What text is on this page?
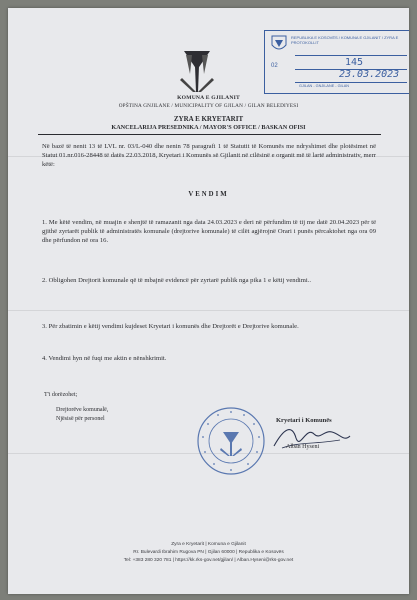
KOMUNA E GJILANIT
OPŠTINA GNJILANE / MUNICIPALITY OF GJILAN / GILAN BELEDIYESI
REPUBLIKA E KOSOVËS / KOMUNA E GJILANIT / ZYRA E PROTOKOLLIT
02	145
23.03.2023
GJILAN - GNJILANE - GILAN
ZYRA E KRYETARIT
KANCELARIJA PRESEDNIKA / MAYOR'S OFFICE / BASKAN OFISI
Në bazë të nenit 13 të LVL nr. 03/L-040 dhe nenin 78 paragrafi 1 të Statutit të Komunës me ndryshimet dhe plotësimet në Statut 01.nr.016-28448 të datës 22.03.2018, Kryetari i Komunës së Gjilanit në cilësinë e organit më të lartë administrativ, merr këtë:
VENDIM
1. Me këtë vendim, në muajin e shenjtë të ramazanit nga data 24.03.2023 e deri në përfundim të tij me datë 20.04.2023 për të gjithë zyrtarët publik të administratës komunale (drejtorive komunale) të cilët agjërojnë Orari i punës përcaktohet nga ora 09 dhe përfundon në ora 16.
2. Obligohen Drejtorit komunale që të mbajnë evidencë për zyrtarë publik nga pika 1 e këtij vendimi..
3. Për zbatimin e këtij vendimi kujdeset Kryetari i komunës dhe Drejtorët e Drejtorive komunale.
4. Vendimi hyn në fuqi me aktin e nënshkrimit.
T'i dorëzohet;
Drejtorëve komunalë,
Njësisë për personel	Kryetari i Komunës
Alban Hyseni
Zyra e Kryetarit | Komuna e Gjilanit
Rr. Bulevardi Ibrahim Rugova PN | Gjilan 60000 | Republika e Kosovës
Tel: +383 280 320 781 | https://kk.rks-gov.net/gjilan/ | Alban.Hyseni@rks-gov.net
